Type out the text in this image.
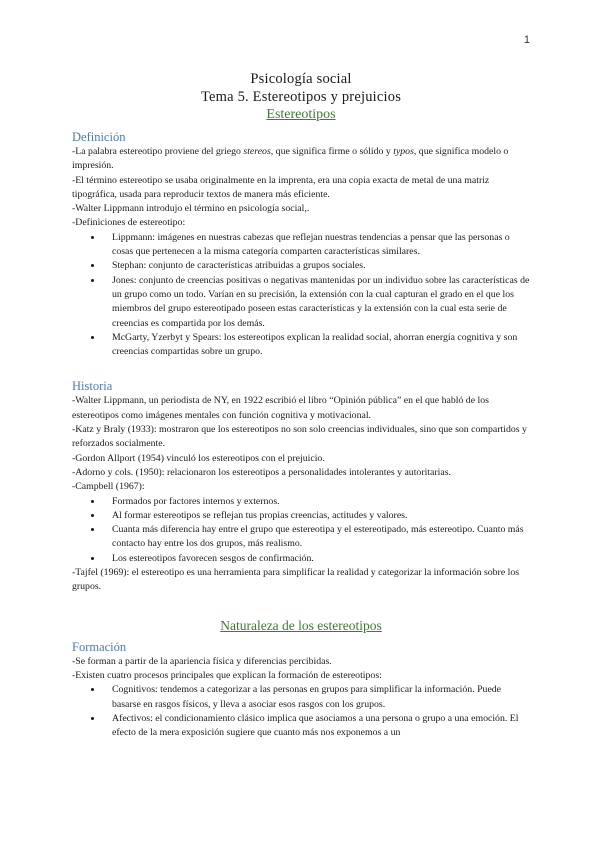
1
Psicología social
Tema 5. Estereotipos y prejuicios
Estereotipos
Definición

-La palabra estereotipo proviene del griego stereos, que significa firme o sólido y typos, que significa modelo o impresión.

-El término estereotipo se usaba originalmente en la imprenta, era una copia exacta de metal de una matriz tipográfica, usada para reproducir textos de manera más eficiente.

-Walter Lippmann introdujo el término en psicología social,.

-Definiciones de estereotipo:

• Lippmann: imágenes en nuestras cabezas que reflejan nuestras tendencias a pensar que las personas o cosas que pertenecen a la misma categoría comparten características similares.
• Stephan: conjunto de características atribuidas a grupos sociales.
• Jones: conjunto de creencias positivas o negativas mantenidas por un individuo sobre las características de un grupo como un todo. Varían en su precisión, la extensión con la cual capturan el grado en el que los miembros del grupo estereotipado poseen estas características y la extensión con la cual esta serie de creencias es compartida por los demás.
• McGarty, Yzerbyt y Spears: los estereotipos explican la realidad social, ahorran energía cognitiva y son creencias compartidas sobre un grupo.
Historia

-Walter Lippmann, un periodista de NY, en 1922 escribió el libro “Opinión pública” en el que habló de los estereotipos como imágenes mentales con función cognitiva y motivacional.

-Katz y Braly (1933): mostraron que los estereotipos no son solo creencias individuales, sino que son compartidos y reforzados socialmente.

-Gordon Allport (1954) vinculó los estereotipos con el prejuicio.

-Adorno y cols. (1950): relacionaron los estereotipos a personalidades intolerantes y autoritarias.

-Campbell (1967):

• Formados por factores internos y externos.
• Al formar estereotipos se reflejan tus propias creencias, actitudes y valores.
• Cuanta más diferencia hay entre el grupo que estereotipa y el estereotipado, más estereotipo. Cuanto más contacto hay entre los dos grupos, más realismo.
• Los estereotipos favorecen sesgos de confirmación.

-Tajfel (1969): el estereotipo es una herramienta para simplificar la realidad y categorizar la información sobre los grupos.

Naturaleza de los estereotipos
Formación

-Se forman a partir de la apariencia física y diferencias percibidas.

-Existen cuatro procesos principales que explican la formación de estereotipos:

• Cognitivos: tendemos a categorizar a las personas en grupos para simplificar la información. Puede basarse en rasgos físicos, y lleva a asociar esos rasgos con los grupos.
• Afectivos: el condicionamiento clásico implica que asociamos a una persona o grupo a una emoción. El efecto de la mera exposición sugiere que cuanto más nos exponemos a un
